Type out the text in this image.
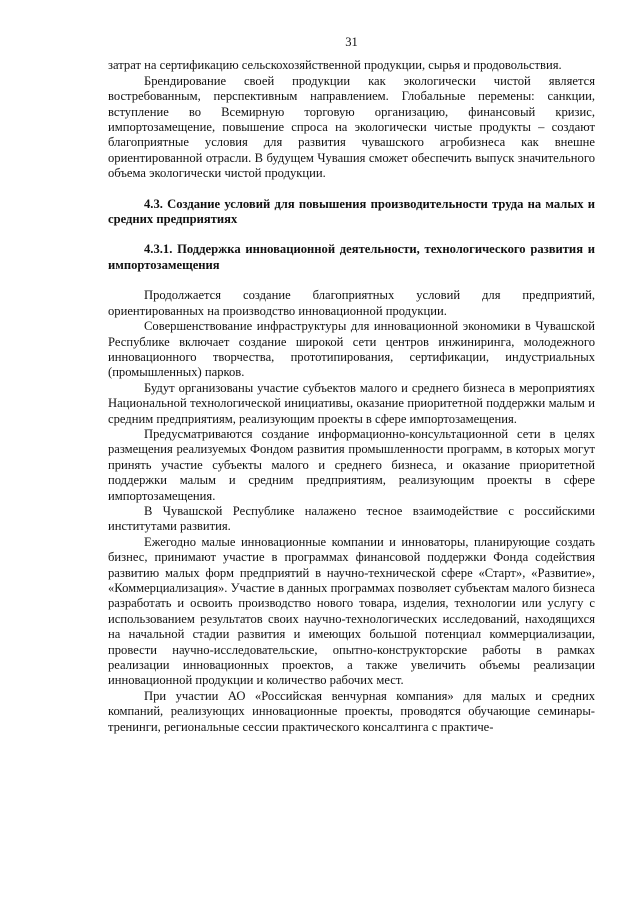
31

затрат на сертификацию сельскохозяйственной продукции, сырья и продовольствия.

Брендирование своей продукции как экологически чистой является востребованным, перспективным направлением. Глобальные перемены: санкции, вступление во Всемирную торговую организацию, финансовый кризис, импортозамещение, повышение спроса на экологически чистые продукты – создают благоприятные условия для развития чувашского агробизнеса как внешне ориентированной отрасли. В будущем Чувашия сможет обеспечить выпуск значительного объема экологически чистой продукции.

4.3. Создание условий для повышения производительности труда на малых и средних предприятиях

4.3.1. Поддержка инновационной деятельности, технологического развития и импортозамещения

Продолжается создание благоприятных условий для предприятий, ориентированных на производство инновационной продукции.

Совершенствование инфраструктуры для инновационной экономики в Чувашской Республике включает создание широкой сети центров инжиниринга, молодежного инновационного творчества, прототипирования, сертификации, индустриальных (промышленных) парков.

Будут организованы участие субъектов малого и среднего бизнеса в мероприятиях Национальной технологической инициативы, оказание приоритетной поддержки малым и средним предприятиям, реализующим проекты в сфере импортозамещения.

Предусматриваются создание информационно-консультационной сети в целях размещения реализуемых Фондом развития промышленности программ, в которых могут принять участие субъекты малого и среднего бизнеса, и оказание приоритетной поддержки малым и средним предприятиям, реализующим проекты в сфере импортозамещения.

В Чувашской Республике налажено тесное взаимодействие с российскими институтами развития.

Ежегодно малые инновационные компании и инноваторы, планирующие создать бизнес, принимают участие в программах финансовой поддержки Фонда содействия развитию малых форм предприятий в научно-технической сфере «Старт», «Развитие», «Коммерциализация». Участие в данных программах позволяет субъектам малого бизнеса разработать и освоить производство нового товара, изделия, технологии или услугу с использованием результатов своих научно-технологических исследований, находящихся на начальной стадии развития и имеющих большой потенциал коммерциализации, провести научно-исследовательские, опытно-конструкторские работы в рамках реализации инновационных проектов, а также увеличить объемы реализации инновационной продукции и количество рабочих мест.

При участии АО «Российская венчурная компания» для малых и средних компаний, реализующих инновационные проекты, проводятся обучающие семинары-тренинги, региональные сессии практического консалтинга с практиче-
